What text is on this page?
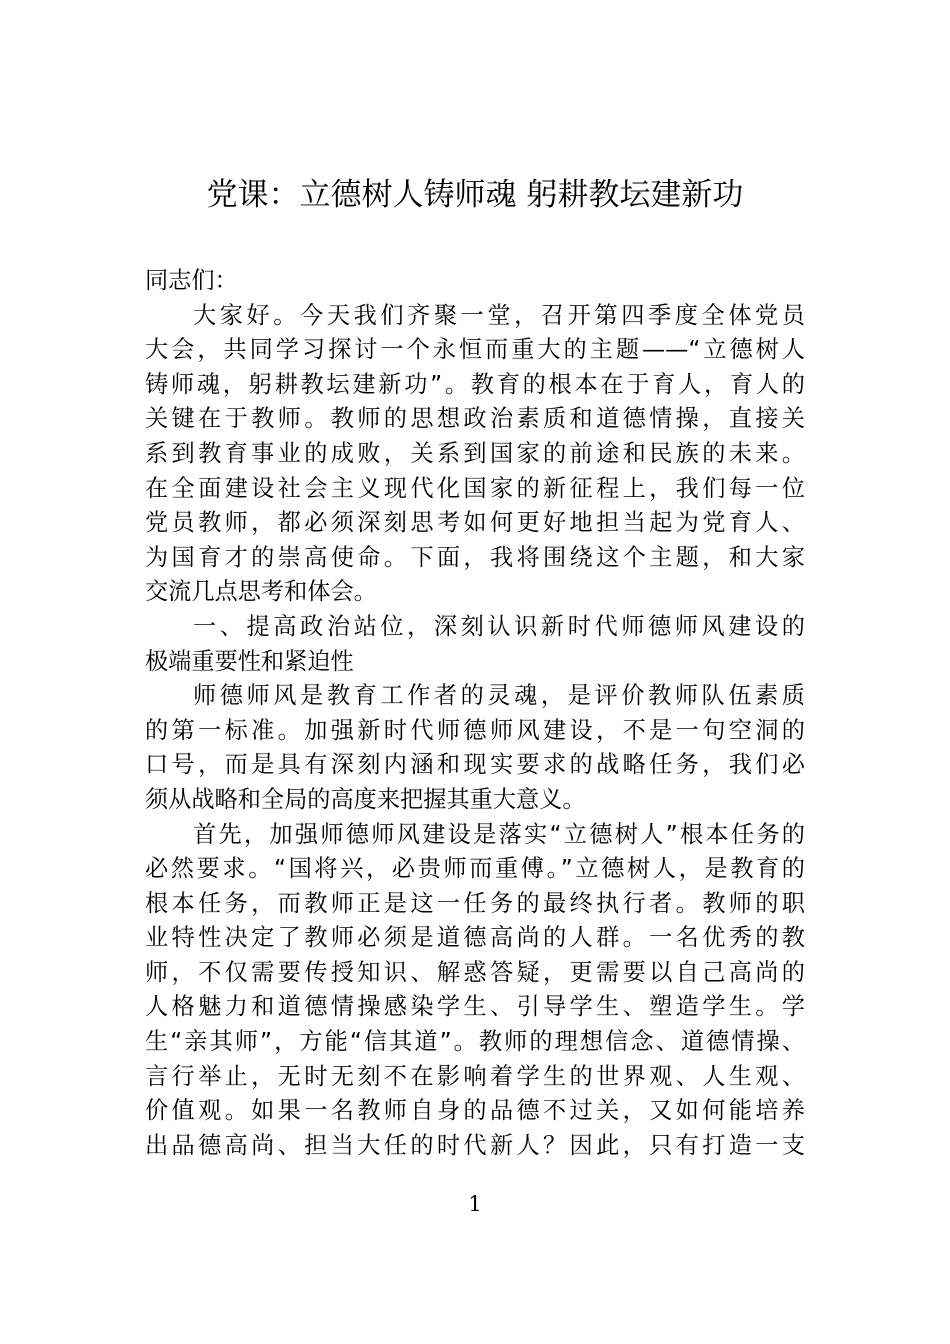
党课：立德树人铸师魂 躬耕教坛建新功
同志们：
大家好。今天我们齐聚一堂，召开第四季度全体党员
大会，共同学习探讨一个永恒而重大的主题——“立德树人
铸师魂，躬耕教坛建新功”。教育的根本在于育人，育人的
关键在于教师。教师的思想政治素质和道德情操，直接关
系到教育事业的成败，关系到国家的前途和民族的未来。
在全面建设社会主义现代化国家的新征程上，我们每一位
党员教师，都必须深刻思考如何更好地担当起为党育人、
为国育才的崇高使命。下面，我将围绕这个主题，和大家
交流几点思考和体会。
一、提高政治站位，深刻认识新时代师德师风建设的
极端重要性和紧迫性
师德师风是教育工作者的灵魂，是评价教师队伍素质
的第一标准。加强新时代师德师风建设，不是一句空洞的
口号，而是具有深刻内涵和现实要求的战略任务，我们必
须从战略和全局的高度来把握其重大意义。
首先，加强师德师风建设是落实“立德树人”根本任务的
必然要求。“国将兴，必贵师而重傅。”立德树人，是教育的
根本任务，而教师正是这一任务的最终执行者。教师的职
业特性决定了教师必须是道德高尚的人群。一名优秀的教
师，不仅需要传授知识、解惑答疑，更需要以自己高尚的
人格魅力和道德情操感染学生、引导学生、塑造学生。学
生“亲其师”，方能“信其道”。教师的理想信念、道德情操、
言行举止，无时无刻不在影响着学生的世界观、人生观、
价值观。如果一名教师自身的品德不过关，又如何能培养
出品德高尚、担当大任的时代新人？因此，只有打造一支
1
